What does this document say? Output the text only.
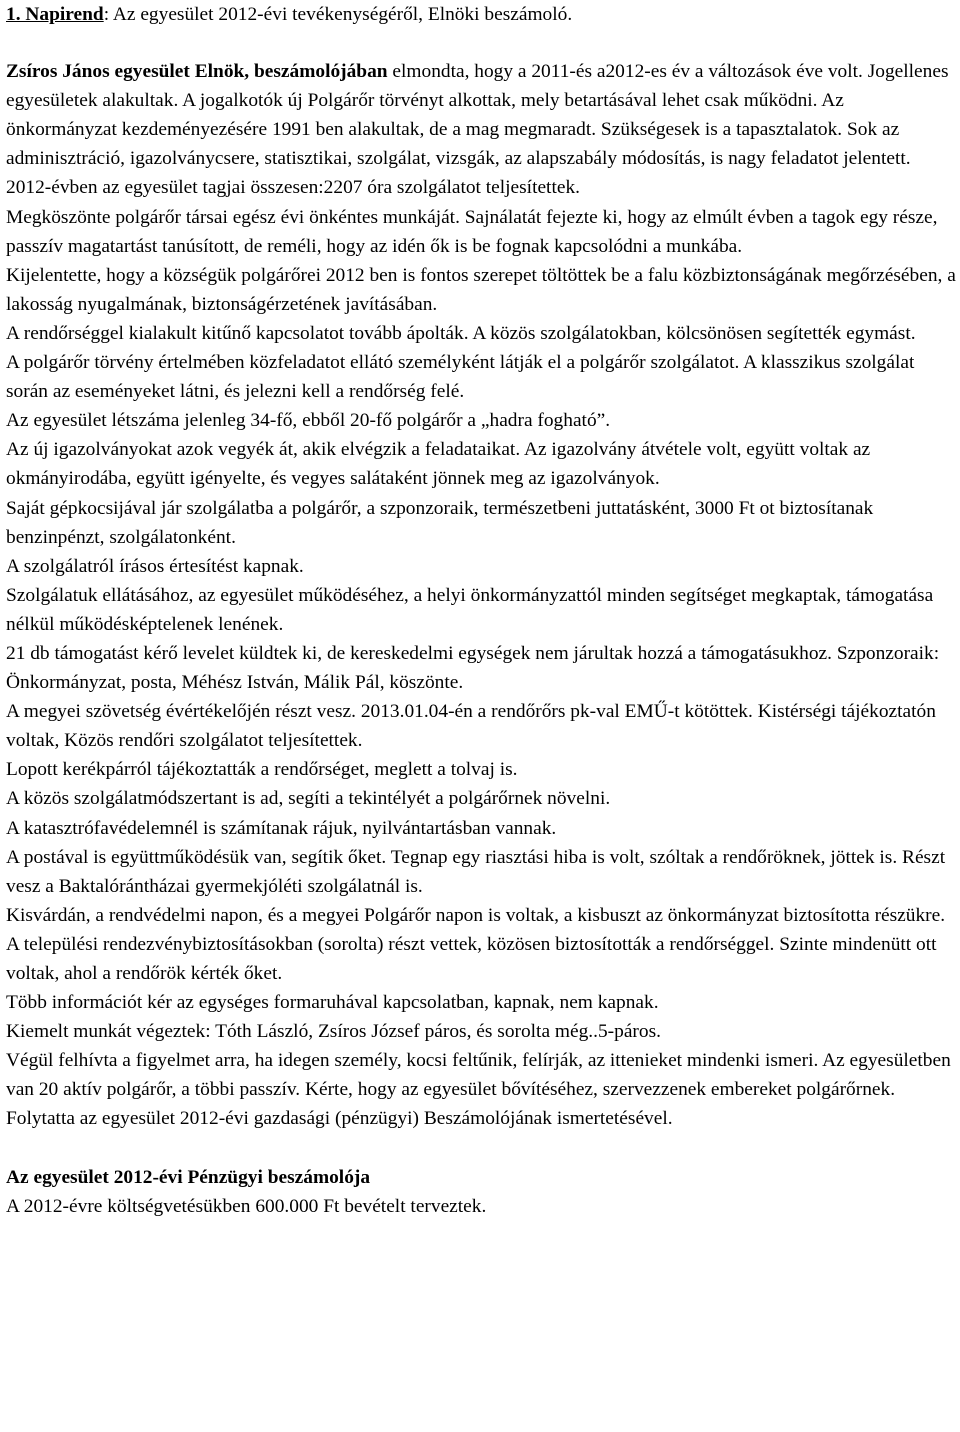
1. Napirend: Az egyesület 2012-évi tevékenységéről, Elnöki beszámoló.

Zsíros János egyesület Elnök, beszámolójában elmondta, hogy a 2011-és a2012-es év a változások éve volt. Jogellenes egyesületek alakultak. A jogalkotók új Polgárőr törvényt alkottak, mely betartásával lehet csak működni. Az önkormányzat kezdeményezésére 1991 ben alakultak, de a mag megmaradt. Szükségesek is a tapasztalatok. Sok az adminisztráció, igazolványcsere, statisztikai, szolgálat, vizsgák, az alapszabály módosítás, is nagy feladatot jelentett.

2012-évben az egyesület tagjai összesen:2207 óra szolgálatot teljesítettek.

Megköszönte polgárőr társai egész évi önkéntes munkáját. Sajnálatát fejezte ki, hogy az elmúlt évben a tagok egy része, passzív magatartást tanúsított, de reméli, hogy az idén ők is be fognak kapcsolódni a munkába.

Kijelentette, hogy a községük polgárőrei 2012 ben is fontos szerepet töltöttek be a falu közbiztonságának megőrzésében, a lakosság nyugalmának, biztonságérzetének javításában.

A rendőrséggel kialakult kitűnő kapcsolatot tovább ápolták. A közös szolgálatokban, kölcsönösen segítették egymást.

A polgárőr törvény értelmében közfeladatot ellátó személyként látják el a polgárőr szolgálatot. A klasszikus szolgálat során az eseményeket látni, és jelezni kell a rendőrség felé.

Az egyesület létszáma jelenleg 34-fő, ebből 20-fő polgárőr a „hadra fogható”.

Az új igazolványokat azok vegyék át, akik elvégzik a feladataikat. Az igazolvány átvétele volt, együtt voltak az okmányirodába, együtt igényelte, és vegyes salátaként jönnek meg az igazolványok.

Saját gépkocsijával jár szolgálatba a polgárőr, a szponzoraik, természetbeni juttatásként, 3000 Ft ot biztosítanak benzinpénzt, szolgálatonként.

A szolgálatról írásos értesítést kapnak.

Szolgálatuk ellátásához, az egyesület működéséhez, a helyi önkormányzattól minden segítséget megkaptak, támogatása nélkül működésképtelenek lenének.

21 db támogatást kérő levelet küldtek ki, de kereskedelmi egységek nem járultak hozzá a támogatásukhoz. Szponzoraik: Önkormányzat, posta, Méhész István, Málik Pál, köszönte.

A megyei szövetség évértékelőjén részt vesz. 2013.01.04-én a rendőrőrs pk-val EMŰ-t kötöttek. Kistérségi tájékoztatón voltak, Közös rendőri szolgálatot teljesítettek.

Lopott kerékpárról tájékoztatták a rendőrséget, meglett a tolvaj is.

A közös szolgálatmódszertant is ad, segíti a tekintélyét a polgárőrnek növelni.

A katasztrófavédelemnél is számítanak rájuk, nyilvántartásban vannak.

A postával is együttműködésük van, segítik őket. Tegnap egy riasztási hiba is volt, szóltak a rendőröknek, jöttek is. Részt vesz a Baktalórántházai gyermekjóléti szolgálatnál is.

Kisvárdán, a rendvédelmi napon, és a megyei Polgárőr napon is voltak, a kisbuszt az önkormányzat biztosította részükre.

A települési rendezvénybiztosításokban (sorolta) részt vettek, közösen biztosították a rendőrséggel. Szinte mindenütt ott voltak, ahol a rendőrök kérték őket.

Több információt kér az egységes formaruhával kapcsolatban, kapnak, nem kapnak.

Kiemelt munkát végeztek: Tóth László, Zsíros József páros, és sorolta még..5-páros.

Végül felhívta a figyelmet arra, ha idegen személy, kocsi feltűnik, felírják, az ittenieket mindenki ismeri. Az egyesületben van 20 aktív polgárőr, a többi passzív. Kérte, hogy az egyesület bővítéséhez, szervezzenek embereket polgárőrnek.

Folytatta az egyesület 2012-évi gazdasági (pénzügyi) Beszámolójának ismertetésével.

Az egyesület 2012-évi Pénzügyi beszámolója

A 2012-évre költségvetésükben 600.000 Ft bevételt terveztek.
